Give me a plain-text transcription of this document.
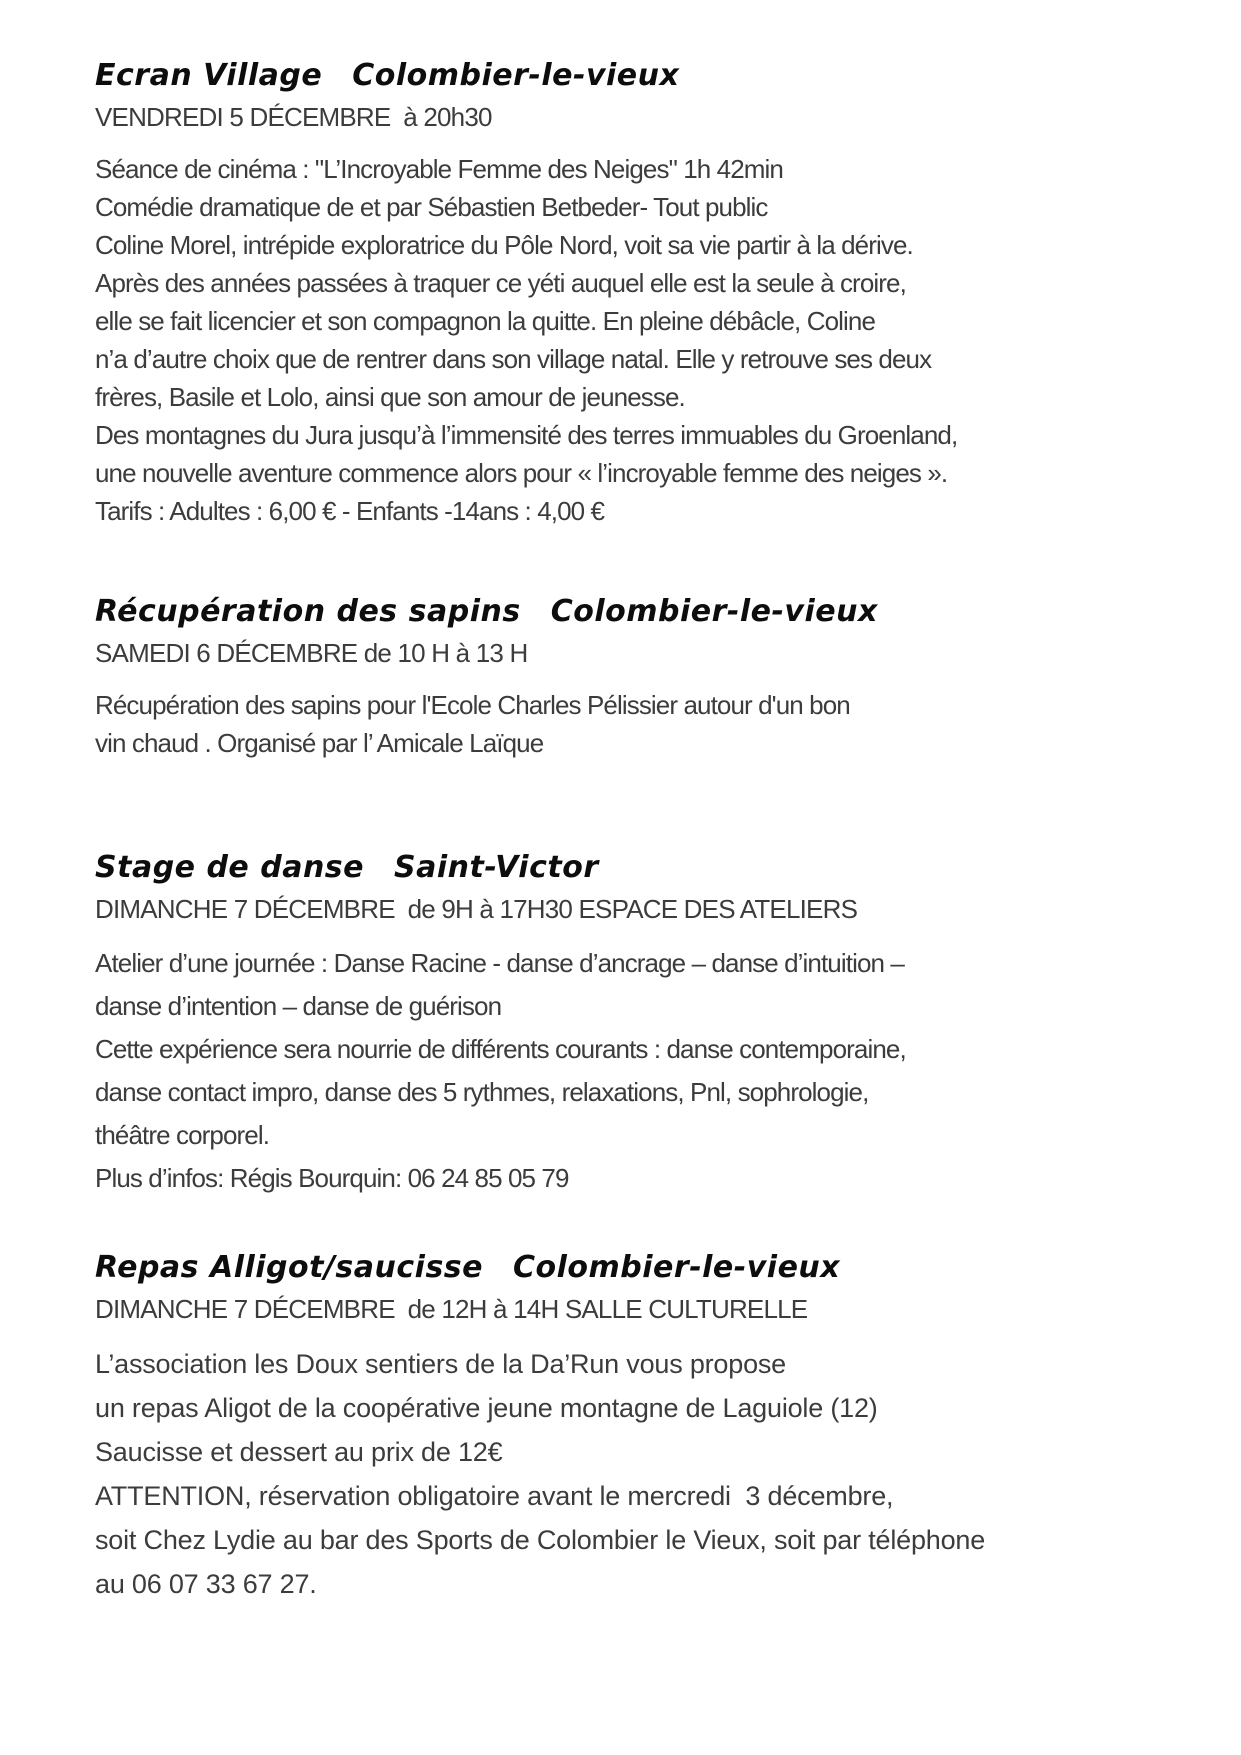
Ecran Village Colombier-le-vieux
VENDREDI 5 DÉCEMBRE  à 20h30
Séance de cinéma : "L’Incroyable Femme des Neiges" 1h 42min
Comédie dramatique de et par Sébastien Betbeder- Tout public
Coline Morel, intrépide exploratrice du Pôle Nord, voit sa vie partir à la dérive.
Après des années passées à traquer ce yéti auquel elle est la seule à croire,
elle se fait licencier et son compagnon la quitte. En pleine débâcle, Coline
n’a d’autre choix que de rentrer dans son village natal. Elle y retrouve ses deux
frères, Basile et Lolo, ainsi que son amour de jeunesse.
Des montagnes du Jura jusqu’à l’immensité des terres immuables du Groenland,
une nouvelle aventure commence alors pour « l’incroyable femme des neiges ».
Tarifs : Adultes : 6,00 € - Enfants -14ans : 4,00 €
Récupération des sapins Colombier-le-vieux
SAMEDI 6 DÉCEMBRE de 10 H à 13 H
Récupération des sapins pour l'Ecole Charles Pélissier autour d'un bon
vin chaud . Organisé par l’ Amicale Laïque
Stage de danse Saint-Victor
DIMANCHE 7 DÉCEMBRE  de 9H à 17H30 ESPACE DES ATELIERS
Atelier d’une journée : Danse Racine - danse d’ancrage – danse d’intuition –
danse d’intention – danse de guérison
Cette expérience sera nourrie de différents courants : danse contemporaine,
danse contact impro, danse des 5 rythmes, relaxations, Pnl, sophrologie,
théâtre corporel.
Plus d’infos: Régis Bourquin: 06 24 85 05 79
Repas Alligot/saucisse Colombier-le-vieux
DIMANCHE 7 DÉCEMBRE  de 12H à 14H SALLE CULTURELLE
L’association les Doux sentiers de la Da’Run vous propose
un repas Aligot de la coopérative jeune montagne de Laguiole (12)
Saucisse et dessert au prix de 12€
ATTENTION, réservation obligatoire avant le mercredi  3 décembre,
soit Chez Lydie au bar des Sports de Colombier le Vieux, soit par téléphone
au 06 07 33 67 27.
